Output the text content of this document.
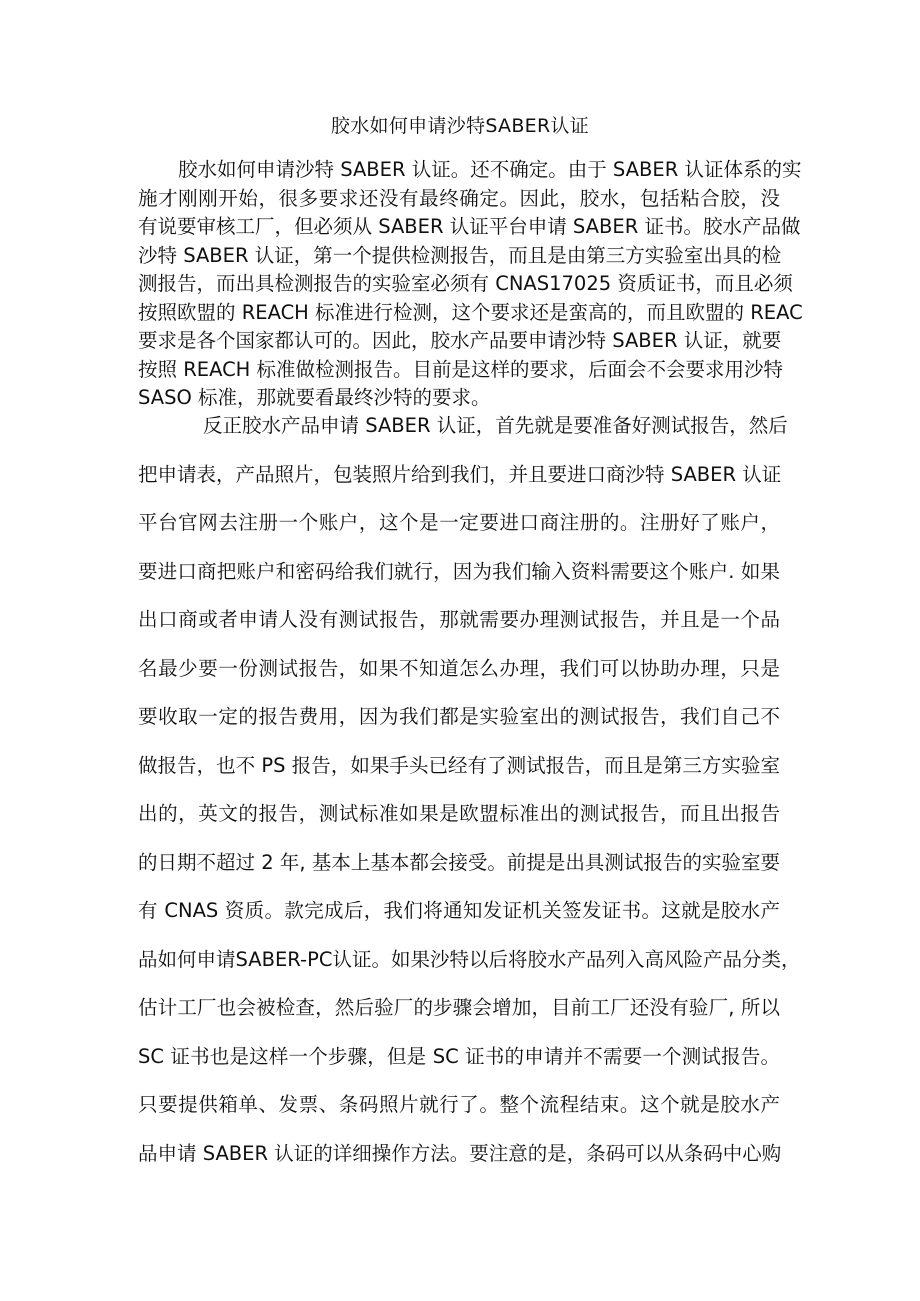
胶水如何申请沙特SABER认证
胶水如何申请沙特 SABER 认证。还不确定。由于 SABER 认证体系的实
施才刚刚开始，很多要求还没有最终确定。因此，胶水，包括粘合胶，没
有说要审核工厂，但必须从 SABER 认证平台申请 SABER 证书。胶水产品做
沙特 SABER 认证，第一个提供检测报告，而且是由第三方实验室出具的检
测报告，而出具检测报告的实验室必须有 CNAS17025 资质证书，而且必须
按照欧盟的 REACH 标准进行检测，这个要求还是蛮高的，而且欧盟的 REAC
要求是各个国家都认可的。因此，胶水产品要申请沙特 SABER 认证，就要
按照 REACH 标准做检测报告。目前是这样的要求，后面会不会要求用沙特
SASO 标准，那就要看最终沙特的要求。
反正胶水产品申请 SABER 认证，首先就是要准备好测试报告，然后
把申请表，产品照片，包装照片给到我们，并且要进口商沙特 SABER 认证
平台官网去注册一个账户，这个是一定要进口商注册的。注册好了账户，
要进口商把账户和密码给我们就行，因为我们输入资料需要这个账户. 如果
出口商或者申请人没有测试报告，那就需要办理测试报告，并且是一个品
名最少要一份测试报告，如果不知道怎么办理，我们可以协助办理，只是
要收取一定的报告费用，因为我们都是实验室出的测试报告，我们自己不
做报告，也不 PS 报告，如果手头已经有了测试报告，而且是第三方实验室
出的，英文的报告，测试标准如果是欧盟标准出的测试报告，而且出报告
的日期不超过 2 年, 基本上基本都会接受。前提是出具测试报告的实验室要
有 CNAS 资质。款完成后，我们将通知发证机关签发证书。这就是胶水产
品如何申请SABER-PC认证。如果沙特以后将胶水产品列入高风险产品分类，
估计工厂也会被检查，然后验厂的步骤会增加，目前工厂还没有验厂, 所以
SC 证书也是这样一个步骤，但是 SC 证书的申请并不需要一个测试报告。
只要提供箱单、发票、条码照片就行了。整个流程结束。这个就是胶水产
品申请 SABER 认证的详细操作方法。要注意的是，条码可以从条码中心购
